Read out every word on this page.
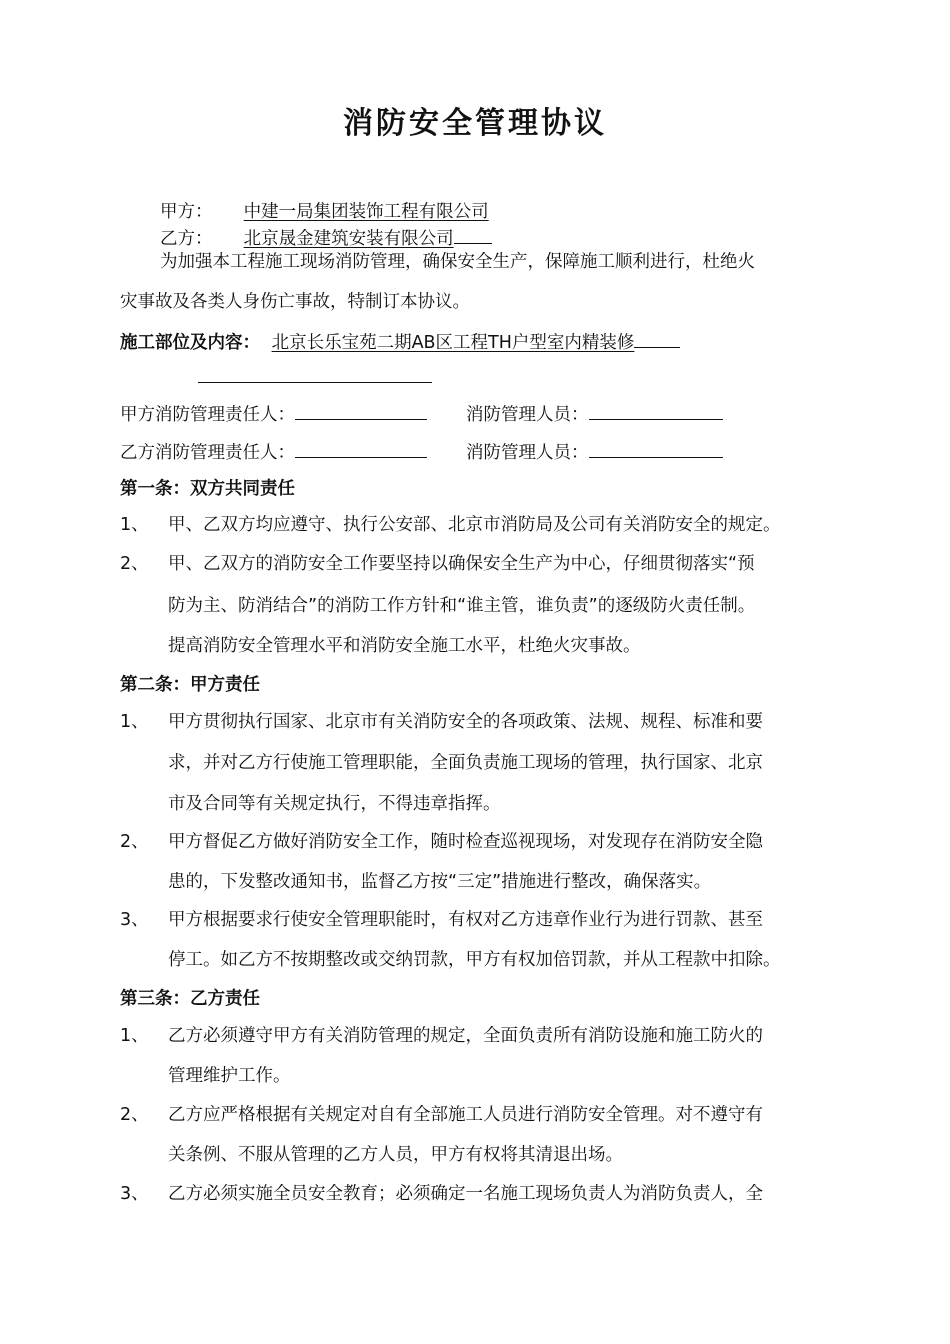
消防安全管理协议
甲方： 中建一局集团装饰工程有限公司
乙方： 北京晟金建筑安装有限公司
为加强本工程施工现场消防管理，确保安全生产，保障施工顺利进行，杜绝火
灾事故及各类人身伤亡事故，特制订本协议。
施工部位及内容： 北京长乐宝苑二期AB区工程TH户型室内精装修
甲方消防管理责任人：	消防管理人员：
乙方消防管理责任人：	消防管理人员：
第一条：双方共同责任
1、 甲、乙双方均应遵守、执行公安部、北京市消防局及公司有关消防安全的规定。
2、 甲、乙双方的消防安全工作要坚持以确保安全生产为中心，仔细贯彻落实“预
防为主、防消结合”的消防工作方针和“谁主管，谁负责”的逐级防火责任制。
提高消防安全管理水平和消防安全施工水平，杜绝火灾事故。
第二条：甲方责任
1、 甲方贯彻执行国家、北京市有关消防安全的各项政策、法规、规程、标准和要
求，并对乙方行使施工管理职能，全面负责施工现场的管理，执行国家、北京
市及合同等有关规定执行，不得违章指挥。
2、 甲方督促乙方做好消防安全工作，随时检查巡视现场，对发现存在消防安全隐
患的，下发整改通知书，监督乙方按“三定”措施进行整改，确保落实。
3、 甲方根据要求行使安全管理职能时，有权对乙方违章作业行为进行罚款、甚至
停工。如乙方不按期整改或交纳罚款，甲方有权加倍罚款，并从工程款中扣除。
第三条：乙方责任
1、 乙方必须遵守甲方有关消防管理的规定，全面负责所有消防设施和施工防火的
管理维护工作。
2、 乙方应严格根据有关规定对自有全部施工人员进行消防安全管理。对不遵守有
关条例、不服从管理的乙方人员，甲方有权将其清退出场。
3、 乙方必须实施全员安全教育；必须确定一名施工现场负责人为消防负责人，全
